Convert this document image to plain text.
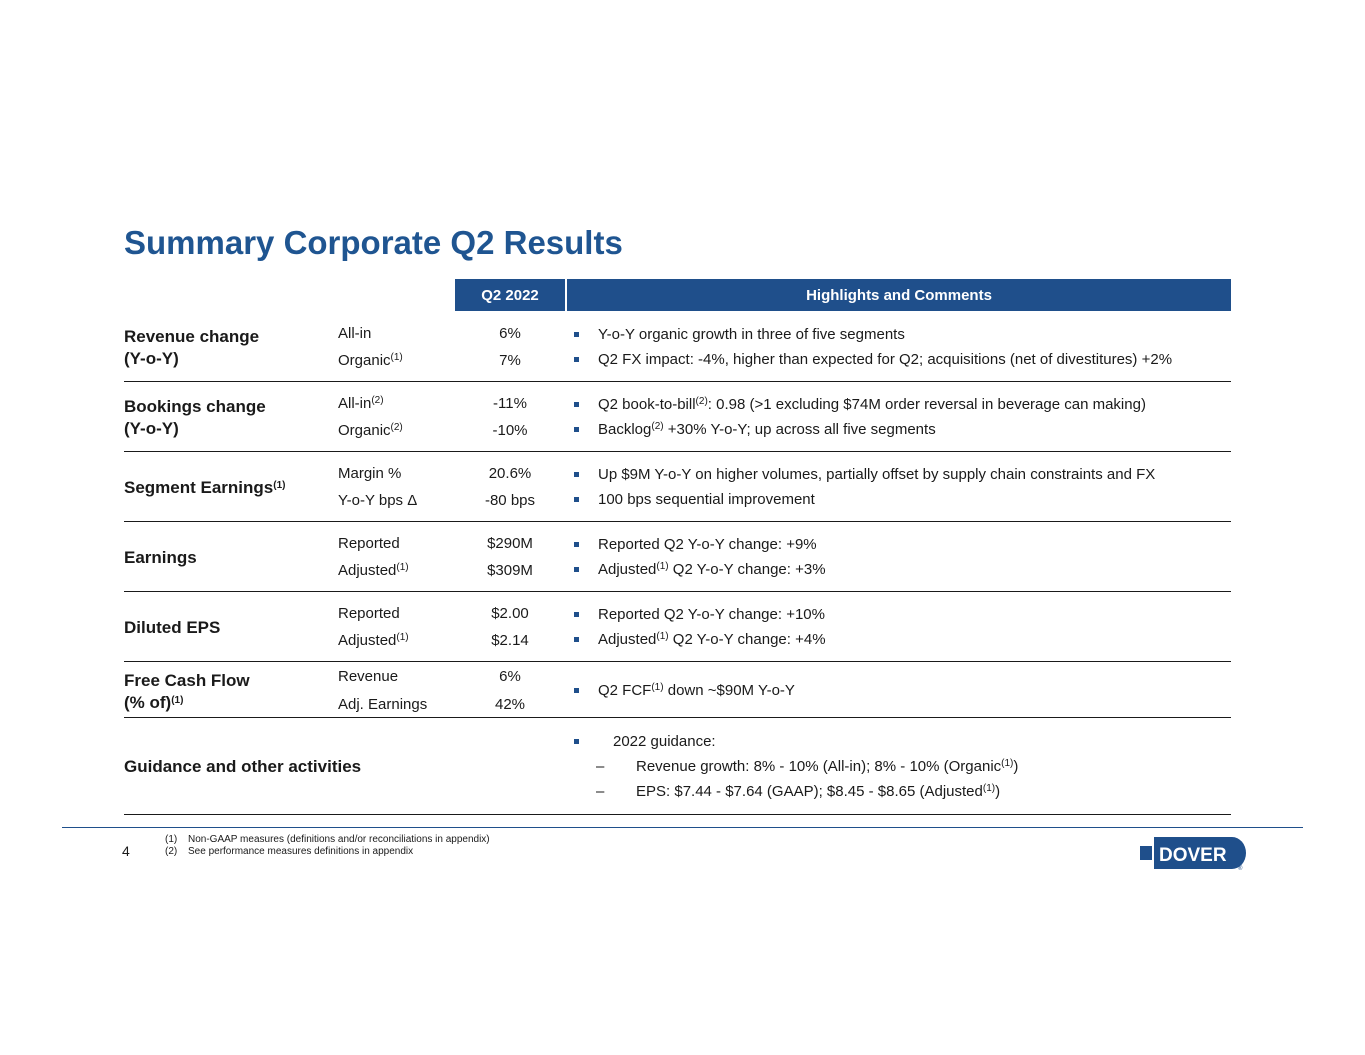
Summary Corporate Q2 Results
Q2 2022	Highlights and Comments
Revenue change
(Y-o-Y)
All-in
Organic$^{(1)}$
6%
7%
Y-o-Y organic growth in three of five segments
Q2 FX impact: -4%, higher than expected for Q2; acquisitions (net of divestitures) +2%
Bookings change
(Y-o-Y)
All-$in^{(2)}$
Organic$^{(2)}$
-11%
-10%
Q2 book-to-bill$^{(2)}$: 0.98 (>1 excluding $74M order reversal in beverage can making)
Backlog$^{(2)}$ +30% Y-o-Y; up across all five segments
Segment Earnings$^{(1)}$
Margin %
Y-o-Y bps Δ
20.6%
-80 bps
Up $9M Y-o-Y on higher volumes, partially offset by supply chain constraints and FX
100 bps sequential improvement
Earnings
Reported
Adjusted$^{(1)}$
$290M
$309M
Reported Q2 Y-o-Y change: +9%
Adjusted$^{(1)}$ Q2 Y-o-Y change: +3%
Diluted EPS
Reported
Adjusted$^{(1)}$
$2.00
$2.14
Reported Q2 Y-o-Y change: +10%
Adjusted$^{(1)}$ Q2 Y-o-Y change: +4%
Free Cash Flow
(% of)$^{(1)}$
Revenue
Adj. Earnings
6%
42%
Q2 FCF$^{(1)}$ down ~$90M Y-o-Y
Guidance and other activities
2022 guidance:
– Revenue growth: 8% - 10% (All-in); 8% - 10% (Organic$^{(1)}$)
– EPS: $7.44 - $7.64 (GAAP); $8.45 - $8.65 (Adjusted$^{(1)}$)
4
(1) Non-GAAP measures (definitions and/or reconciliations in appendix)
(2) See performance measures definitions in appendix	DOVER
®
